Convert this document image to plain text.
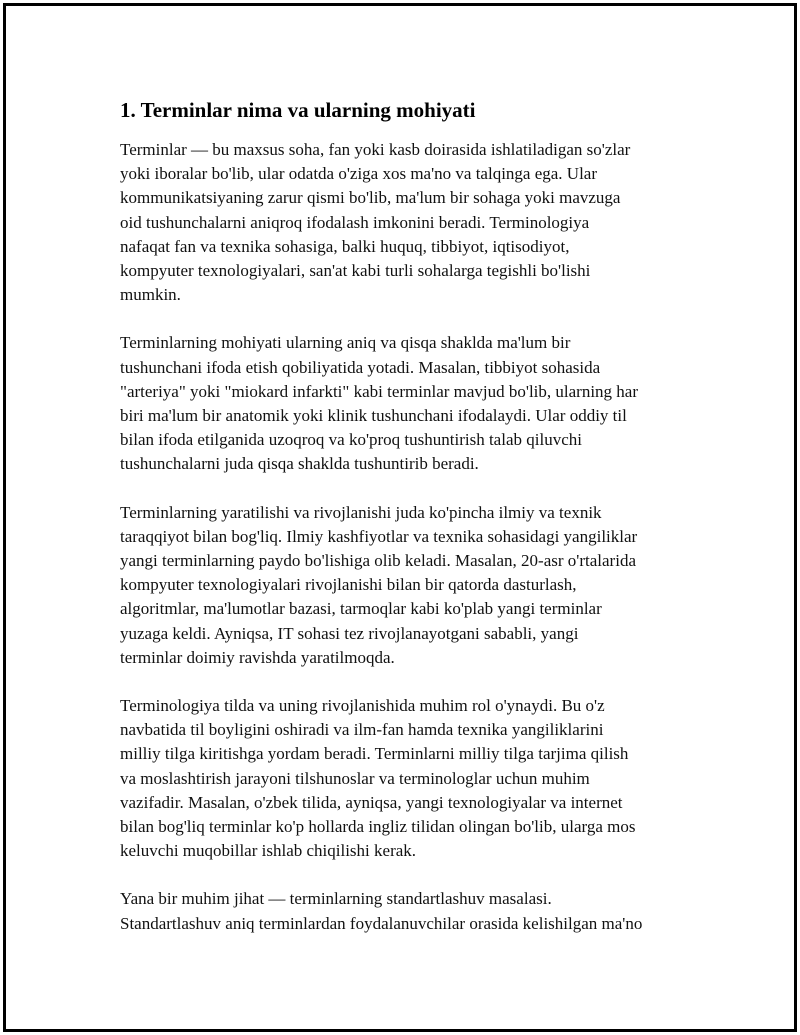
1. Terminlar nima va ularning mohiyati

Terminlar — bu maxsus soha, fan yoki kasb doirasida ishlatiladigan so'zlar
yoki iboralar bo'lib, ular odatda o'ziga xos ma'no va talqinga ega. Ular
kommunikatsiyaning zarur qismi bo'lib, ma'lum bir sohaga yoki mavzuga
oid tushunchalarni aniqroq ifodalash imkonini beradi. Terminologiya
nafaqat fan va texnika sohasiga, balki huquq, tibbiyot, iqtisodiyot,
kompyuter texnologiyalari, san'at kabi turli sohalarga tegishli bo'lishi
mumkin.

Terminlarning mohiyati ularning aniq va qisqa shaklda ma'lum bir
tushunchani ifoda etish qobiliyatida yotadi. Masalan, tibbiyot sohasida
"arteriya" yoki "miokard infarkti" kabi terminlar mavjud bo'lib, ularning har
biri ma'lum bir anatomik yoki klinik tushunchani ifodalaydi. Ular oddiy til
bilan ifoda etilganida uzoqroq va ko'proq tushuntirish talab qiluvchi
tushunchalarni juda qisqa shaklda tushuntirib beradi.

Terminlarning yaratilishi va rivojlanishi juda ko'pincha ilmiy va texnik
taraqqiyot bilan bog'liq. Ilmiy kashfiyotlar va texnika sohasidagi yangiliklar
yangi terminlarning paydo bo'lishiga olib keladi. Masalan, 20-asr o'rtalarida
kompyuter texnologiyalari rivojlanishi bilan bir qatorda dasturlash,
algoritmlar, ma'lumotlar bazasi, tarmoqlar kabi ko'plab yangi terminlar
yuzaga keldi. Ayniqsa, IT sohasi tez rivojlanayotgani sababli, yangi
terminlar doimiy ravishda yaratilmoqda.

Terminologiya tilda va uning rivojlanishida muhim rol o'ynaydi. Bu o'z
navbatida til boyligini oshiradi va ilm-fan hamda texnika yangiliklarini
milliy tilga kiritishga yordam beradi. Terminlarni milliy tilga tarjima qilish
va moslashtirish jarayoni tilshunoslar va terminologlar uchun muhim
vazifadir. Masalan, o'zbek tilida, ayniqsa, yangi texnologiyalar va internet
bilan bog'liq terminlar ko'p hollarda ingliz tilidan olingan bo'lib, ularga mos
keluvchi muqobillar ishlab chiqilishi kerak.

Yana bir muhim jihat — terminlarning standartlashuv masalasi.
Standartlashuv aniq terminlardan foydalanuvchilar orasida kelishilgan ma'no
